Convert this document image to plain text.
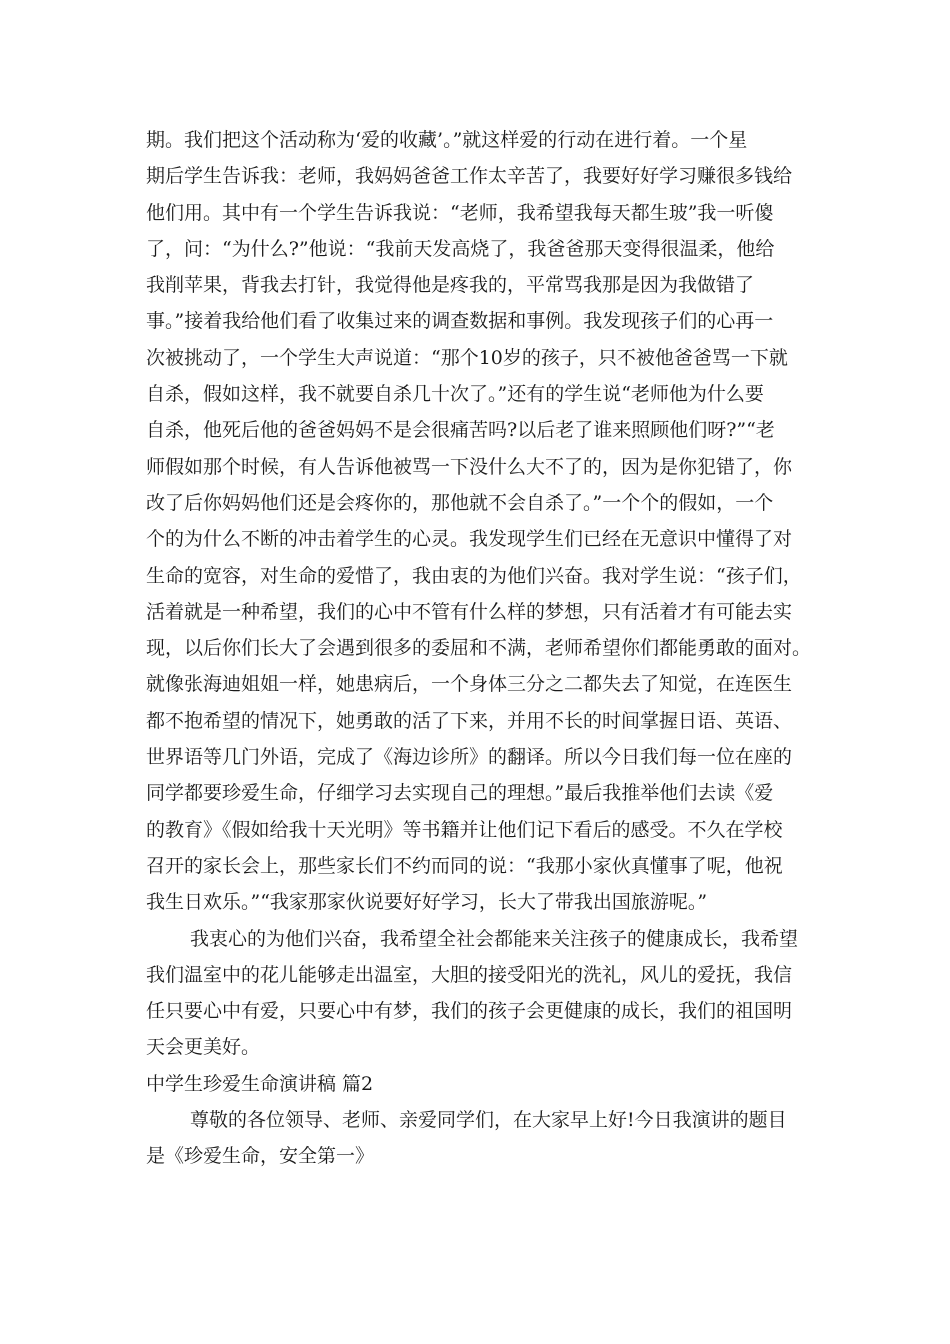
期。我们把这个活动称为‘爱的收藏’。”就这样爱的行动在进行着。一个星
期后学生告诉我：老师，我妈妈爸爸工作太辛苦了，我要好好学习赚很多钱给
他们用。其中有一个学生告诉我说：“老师，我希望我每天都生玻”我一听傻
了，问：“为什么?”他说：“我前天发高烧了，我爸爸那天变得很温柔，他给
我削苹果，背我去打针，我觉得他是疼我的，平常骂我那是因为我做错了
事。”接着我给他们看了收集过来的调查数据和事例。我发现孩子们的心再一
次被挑动了，一个学生大声说道：“那个10岁的孩子，只不被他爸爸骂一下就
自杀，假如这样，我不就要自杀几十次了。”还有的学生说“老师他为什么要
自杀，他死后他的爸爸妈妈不是会很痛苦吗?以后老了谁来照顾他们呀?”“老
师假如那个时候，有人告诉他被骂一下没什么大不了的，因为是你犯错了，你
改了后你妈妈他们还是会疼你的，那他就不会自杀了。”一个个的假如，一个
个的为什么不断的冲击着学生的心灵。我发现学生们已经在无意识中懂得了对
生命的宽容，对生命的爱惜了，我由衷的为他们兴奋。我对学生说：“孩子们，
活着就是一种希望，我们的心中不管有什么样的梦想，只有活着才有可能去实
现，以后你们长大了会遇到很多的委屈和不满，老师希望你们都能勇敢的面对。
就像张海迪姐姐一样，她患病后，一个身体三分之二都失去了知觉，在连医生
都不抱希望的情况下，她勇敢的活了下来，并用不长的时间掌握日语、英语、
世界语等几门外语，完成了《海边诊所》的翻译。所以今日我们每一位在座的
同学都要珍爱生命，仔细学习去实现自己的理想。”最后我推举他们去读《爱
的教育》《假如给我十天光明》等书籍并让他们记下看后的感受。不久在学校
召开的家长会上，那些家长们不约而同的说：“我那小家伙真懂事了呢，他祝
我生日欢乐。”“我家那家伙说要好好学习，长大了带我出国旅游呢。”
我衷心的为他们兴奋，我希望全社会都能来关注孩子的健康成长，我希望
我们温室中的花儿能够走出温室，大胆的接受阳光的洗礼，风儿的爱抚，我信
任只要心中有爱，只要心中有梦，我们的孩子会更健康的成长，我们的祖国明
天会更美好。
中学生珍爱生命演讲稿 篇2
尊敬的各位领导、老师、亲爱同学们，在大家早上好!今日我演讲的题目
是《珍爱生命，安全第一》
